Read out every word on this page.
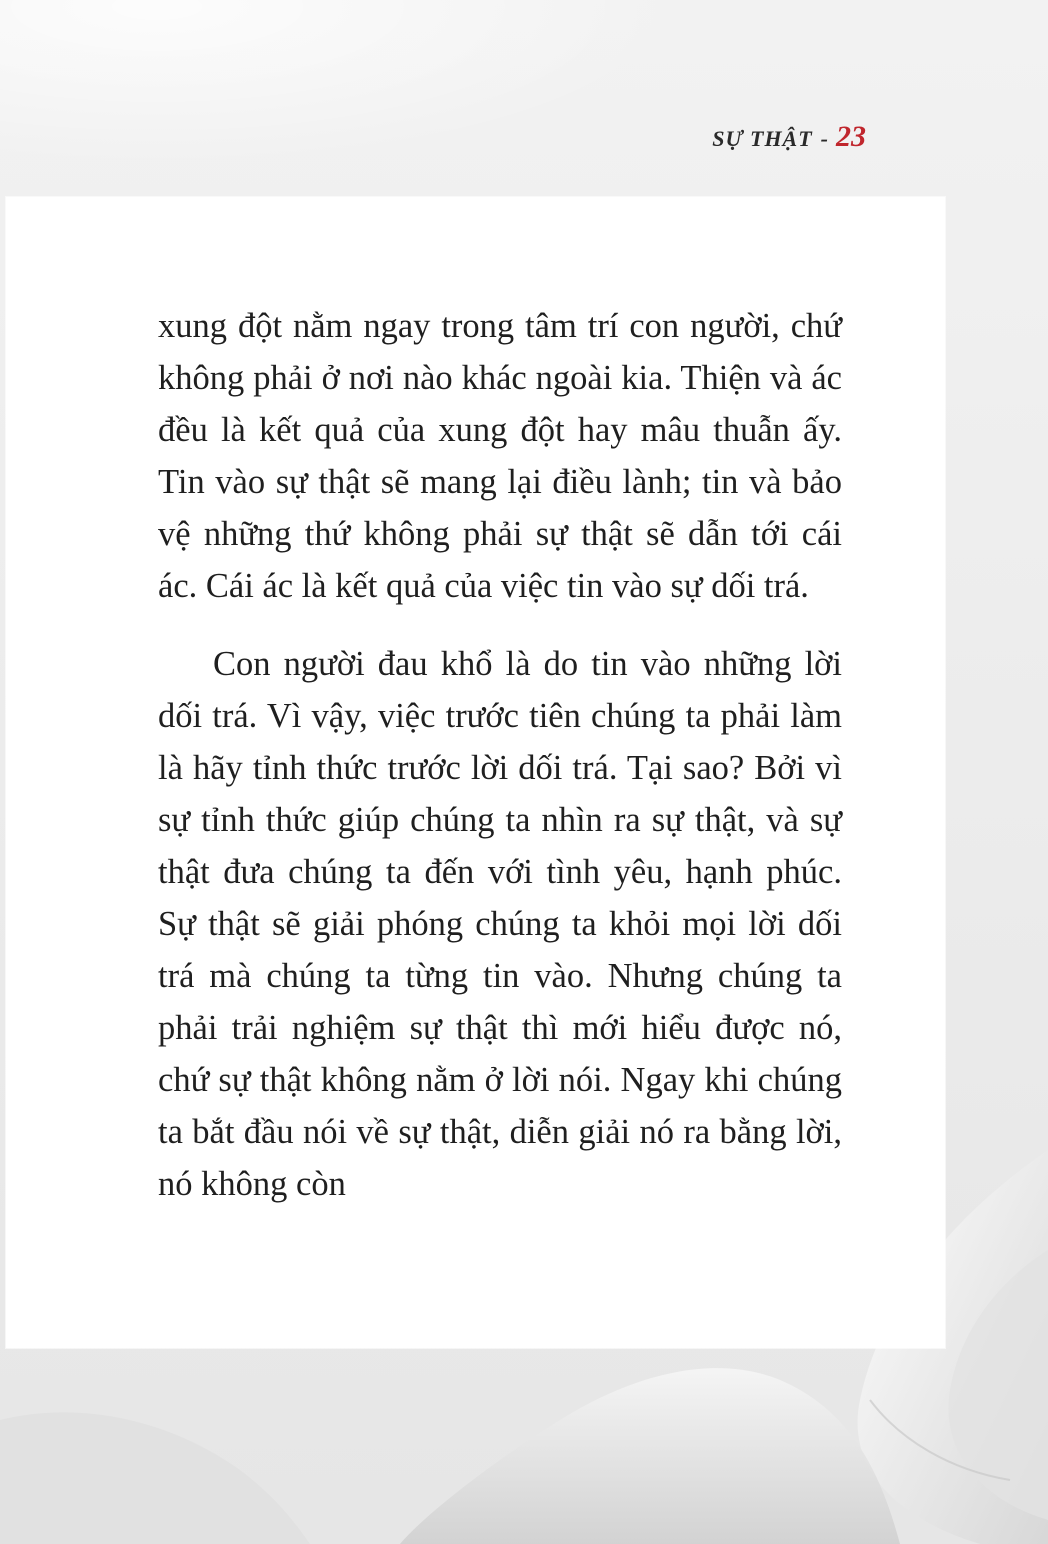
SỰ THẬT - 23

xung đột nằm ngay trong tâm trí con người, chứ không phải ở nơi nào khác ngoài kia. Thiện và ác đều là kết quả của xung đột hay mâu thuẫn ấy. Tin vào sự thật sẽ mang lại điều lành; tin và bảo vệ những thứ không phải sự thật sẽ dẫn tới cái ác. Cái ác là kết quả của việc tin vào sự dối trá.

Con người đau khổ là do tin vào những lời dối trá. Vì vậy, việc trước tiên chúng ta phải làm là hãy tỉnh thức trước lời dối trá. Tại sao? Bởi vì sự tỉnh thức giúp chúng ta nhìn ra sự thật, và sự thật đưa chúng ta đến với tình yêu, hạnh phúc. Sự thật sẽ giải phóng chúng ta khỏi mọi lời dối trá mà chúng ta từng tin vào. Nhưng chúng ta phải trải nghiệm sự thật thì mới hiểu được nó, chứ sự thật không nằm ở lời nói. Ngay khi chúng ta bắt đầu nói về sự thật, diễn giải nó ra bằng lời, nó không còn
